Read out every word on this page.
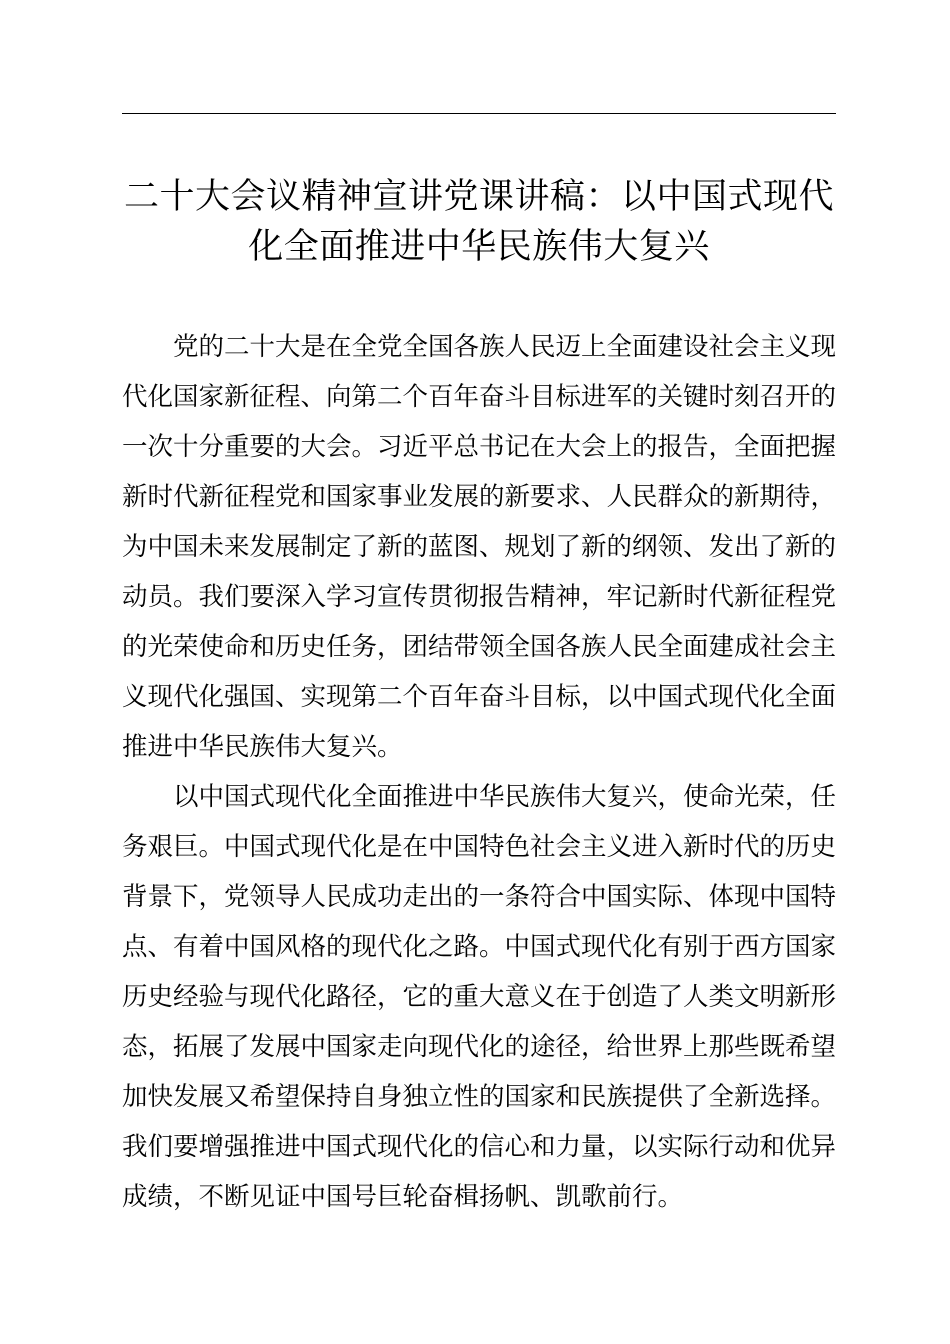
二十大会议精神宣讲党课讲稿：以中国式现代
化全面推进中华民族伟大复兴

党的二十大是在全党全国各族人民迈上全面建设社会主义现
代化国家新征程、向第二个百年奋斗目标进军的关键时刻召开的
一次十分重要的大会。习近平总书记在大会上的报告，全面把握
新时代新征程党和国家事业发展的新要求、人民群众的新期待，
为中国未来发展制定了新的蓝图、规划了新的纲领、发出了新的
动员。我们要深入学习宣传贯彻报告精神，牢记新时代新征程党
的光荣使命和历史任务，团结带领全国各族人民全面建成社会主
义现代化强国、实现第二个百年奋斗目标，以中国式现代化全面
推进中华民族伟大复兴。

以中国式现代化全面推进中华民族伟大复兴，使命光荣，任
务艰巨。中国式现代化是在中国特色社会主义进入新时代的历史
背景下，党领导人民成功走出的一条符合中国实际、体现中国特
点、有着中国风格的现代化之路。中国式现代化有别于西方国家
历史经验与现代化路径，它的重大意义在于创造了人类文明新形
态，拓展了发展中国家走向现代化的途径，给世界上那些既希望
加快发展又希望保持自身独立性的国家和民族提供了全新选择。
我们要增强推进中国式现代化的信心和力量，以实际行动和优异
成绩，不断见证中国号巨轮奋楫扬帆、凯歌前行。
